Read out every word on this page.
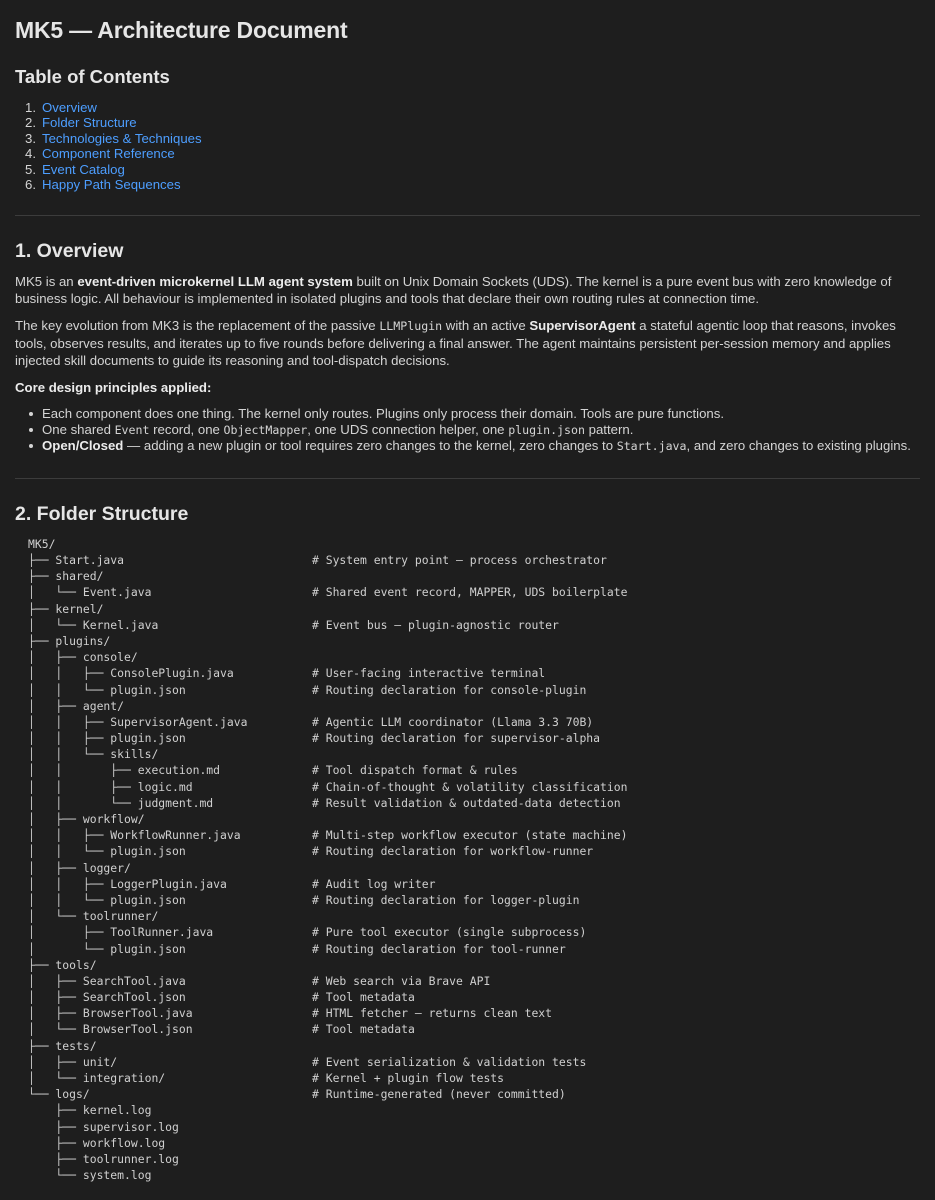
MK5 — Architecture Document
Table of Contents
1. Overview
2. Folder Structure
3. Technologies & Techniques
4. Component Reference
5. Event Catalog
6. Happy Path Sequences
1. Overview

MK5 is an event-driven microkernel LLM agent system built on Unix Domain Sockets (UDS). The kernel is a pure event bus with zero knowledge of business logic. All behaviour is implemented in isolated plugins and tools that declare their own routing rules at connection time.

The key evolution from MK3 is the replacement of the passive LLMPlugin with an active SupervisorAgent a stateful agentic loop that reasons, invokes tools, observes results, and iterates up to five rounds before delivering a final answer. The agent maintains persistent per-session memory and applies injected skill documents to guide its reasoning and tool-dispatch decisions.

Core design principles applied:

Each component does one thing. The kernel only routes. Plugins only process their domain. Tools are pure functions.
One shared Event record, one ObjectMapper, one UDS connection helper, one plugin.json pattern.
Open/Closed — adding a new plugin or tool requires zero changes to the kernel, zero changes to Start.java, and zero changes to existing plugins.
2. Folder Structure
MK5/
├── Start.java	# System entry point — process orchestrator
├── shared/
│   └── Event.java	# Shared event record, MAPPER, UDS boilerplate
├── kernel/
│   └── Kernel.java	# Event bus — plugin-agnostic router
├── plugins/
│   ├── console/
│   │   ├── ConsolePlugin.java	# User-facing interactive terminal
│   │   └── plugin.json	# Routing declaration for console-plugin
│   ├── agent/
│   │   ├── SupervisorAgent.java	# Agentic LLM coordinator (Llama 3.3 70B)
│   │   ├── plugin.json	# Routing declaration for supervisor-alpha
│   │   └── skills/
│   │       ├── execution.md	# Tool dispatch format & rules
│   │       ├── logic.md	# Chain-of-thought & volatility classification
│   │       └── judgment.md	# Result validation & outdated-data detection
│   ├── workflow/
│   │   ├── WorkflowRunner.java	# Multi-step workflow executor (state machine)
│   │   └── plugin.json	# Routing declaration for workflow-runner
│   ├── logger/
│   │   ├── LoggerPlugin.java	# Audit log writer
│   │   └── plugin.json	# Routing declaration for logger-plugin
│   └── toolrunner/
│       ├── ToolRunner.java	# Pure tool executor (single subprocess)
│       └── plugin.json	# Routing declaration for tool-runner
├── tools/
│   ├── SearchTool.java	# Web search via Brave API
│   ├── SearchTool.json	# Tool metadata
│   ├── BrowserTool.java	# HTML fetcher — returns clean text
│   └── BrowserTool.json	# Tool metadata
├── tests/
│   ├── unit/	# Event serialization & validation tests
│   └── integration/	# Kernel + plugin flow tests
└── logs/	# Runtime-generated (never committed)
├── kernel.log
├── supervisor.log
├── workflow.log
├── toolrunner.log
└── system.log
